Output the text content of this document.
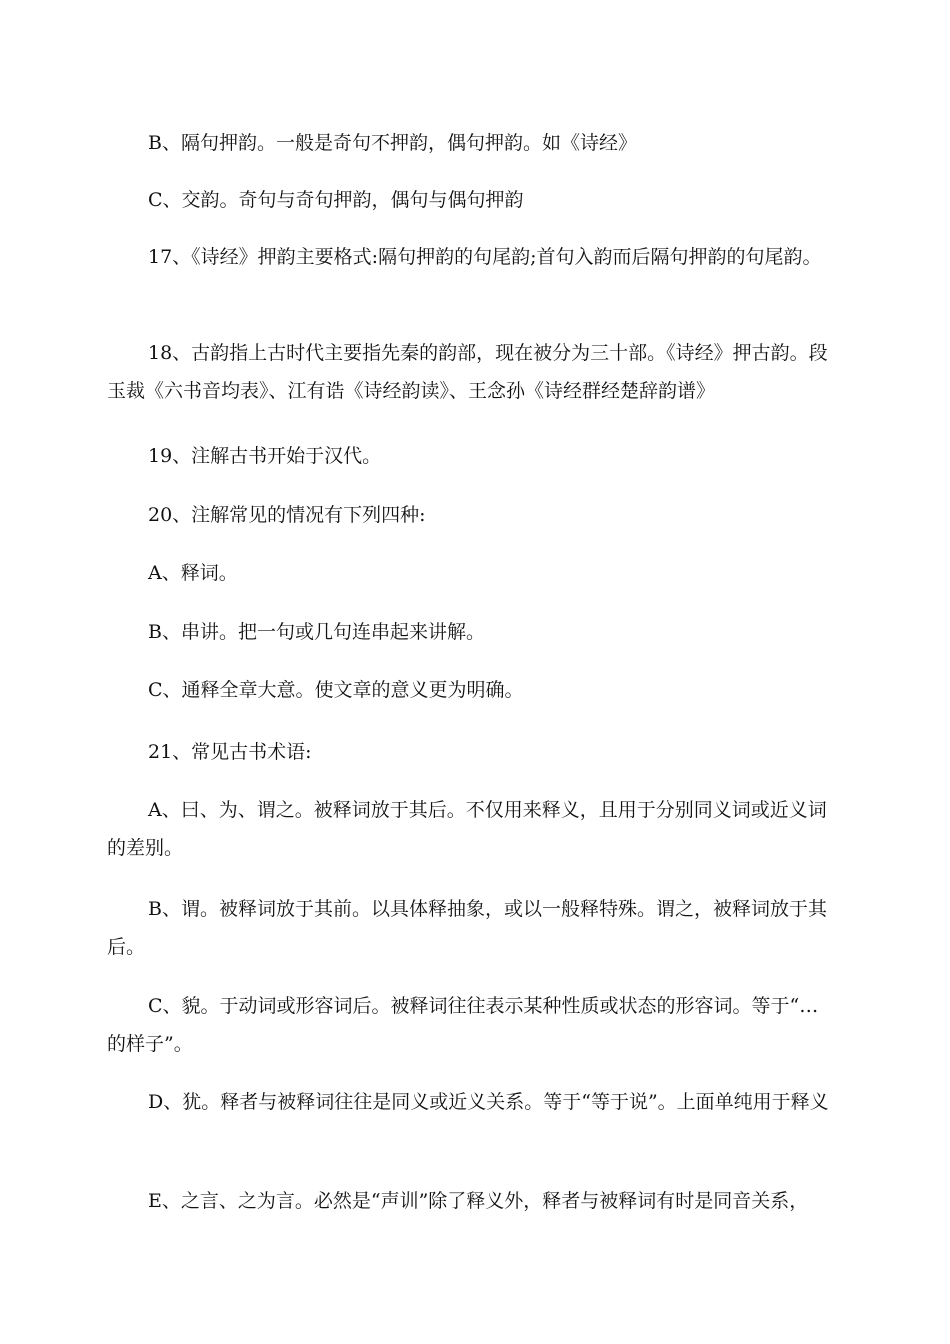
B、隔句押韵。一般是奇句不押韵，偶句押韵。如《诗经》

C、交韵。奇句与奇句押韵，偶句与偶句押韵

17、《诗经》押韵主要格式:隔句押韵的句尾韵;首句入韵而后隔句押韵的句尾韵。

18、古韵指上古时代主要指先秦的韵部，现在被分为三十部。《诗经》押古韵。段玉裁《六书音均表》、江有诰《诗经韵读》、王念孙《诗经群经楚辞韵谱》

19、注解古书开始于汉代。

20、注解常见的情况有下列四种:

A、释词。

B、串讲。把一句或几句连串起来讲解。

C、通释全章大意。使文章的意义更为明确。

21、常见古书术语:

A、曰、为、谓之。被释词放于其后。不仅用来释义，且用于分别同义词或近义词的差别。

B、谓。被释词放于其前。以具体释抽象，或以一般释特殊。谓之，被释词放于其后。

C、貌。于动词或形容词后。被释词往往表示某种性质或状态的形容词。等于“…的样子”。

D、犹。释者与被释词往往是同义或近义关系。等于“等于说”。上面单纯用于释义

E、之言、之为言。必然是“声训”除了释义外，释者与被释词有时是同音关系，
